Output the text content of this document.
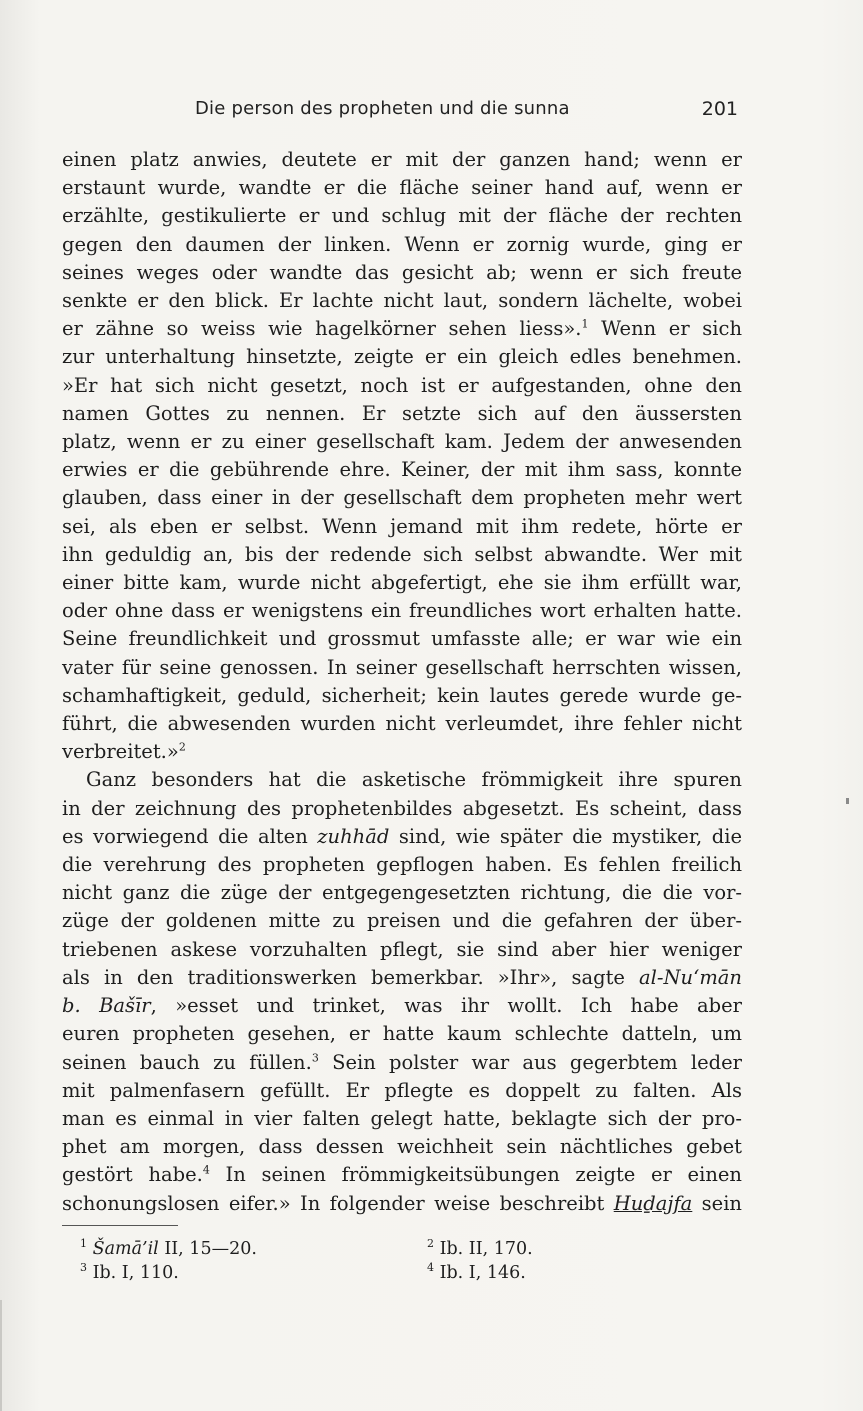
Die person des propheten und die sunna	201
einen platz anwies, deutete er mit der ganzen hand; wenn er
erstaunt wurde, wandte er die fläche seiner hand auf, wenn er
erzählte, gestikulierte er und schlug mit der fläche der rechten
gegen den daumen der linken. Wenn er zornig wurde, ging er
seines weges oder wandte das gesicht ab; wenn er sich freute
senkte er den blick. Er lachte nicht laut, sondern lächelte, wobei
er zähne so weiss wie hagelkörner sehen liess».$^1$ Wenn er sich
zur unterhaltung hinsetzte, zeigte er ein gleich edles benehmen.
»Er hat sich nicht gesetzt, noch ist er aufgestanden, ohne den
namen Gottes zu nennen. Er setzte sich auf den äussersten
platz, wenn er zu einer gesellschaft kam. Jedem der anwesenden
erwies er die gebührende ehre. Keiner, der mit ihm sass, konnte
glauben, dass einer in der gesellschaft dem propheten mehr wert
sei, als eben er selbst. Wenn jemand mit ihm redete, hörte er
ihn geduldig an, bis der redende sich selbst abwandte. Wer mit
einer bitte kam, wurde nicht abgefertigt, ehe sie ihm erfüllt war,
oder ohne dass er wenigstens ein freundliches wort erhalten hatte.
Seine freundlichkeit und grossmut umfasste alle; er war wie ein
vater für seine genossen. In seiner gesellschaft herrschten wissen,
schamhaftigkeit, geduld, sicherheit; kein lautes gerede wurde ge-
führt, die abwesenden wurden nicht verleumdet, ihre fehler nicht
verbreitet.»$^2$
Ganz besonders hat die asketische frömmigkeit ihre spuren
in der zeichnung des prophetenbildes abgesetzt. Es scheint, dass
es vorwiegend die alten zuhhād sind, wie später die mystiker, die
die verehrung des propheten gepflogen haben. Es fehlen freilich
nicht ganz die züge der entgegengesetzten richtung, die die vor-
züge der goldenen mitte zu preisen und die gefahren der über-
triebenen askese vorzuhalten pflegt, sie sind aber hier weniger
als in den traditionswerken bemerkbar. »Ihr», sagte al-Nu‘mān
b. Bašīr, »esset und trinket, was ihr wollt. Ich habe aber
euren propheten gesehen, er hatte kaum schlechte datteln, um
seinen bauch zu füllen.$^3$ Sein polster war aus gegerbtem leder
mit palmenfasern gefüllt. Er pflegte es doppelt zu falten. Als
man es einmal in vier falten gelegt hatte, beklagte sich der pro-
phet am morgen, dass dessen weichheit sein nächtliches gebet
gestört habe.$^4$ In seinen frömmigkeitsübungen zeigte er einen
schonungslosen eifer.» In folgender weise beschreibt Huḏajfa sein
$^1$ Šamā’il II, 15—20.	$^2$ Ib. II, 170.
$^3$ Ib. I, 110.	$^4$ Ib. I, 146.
